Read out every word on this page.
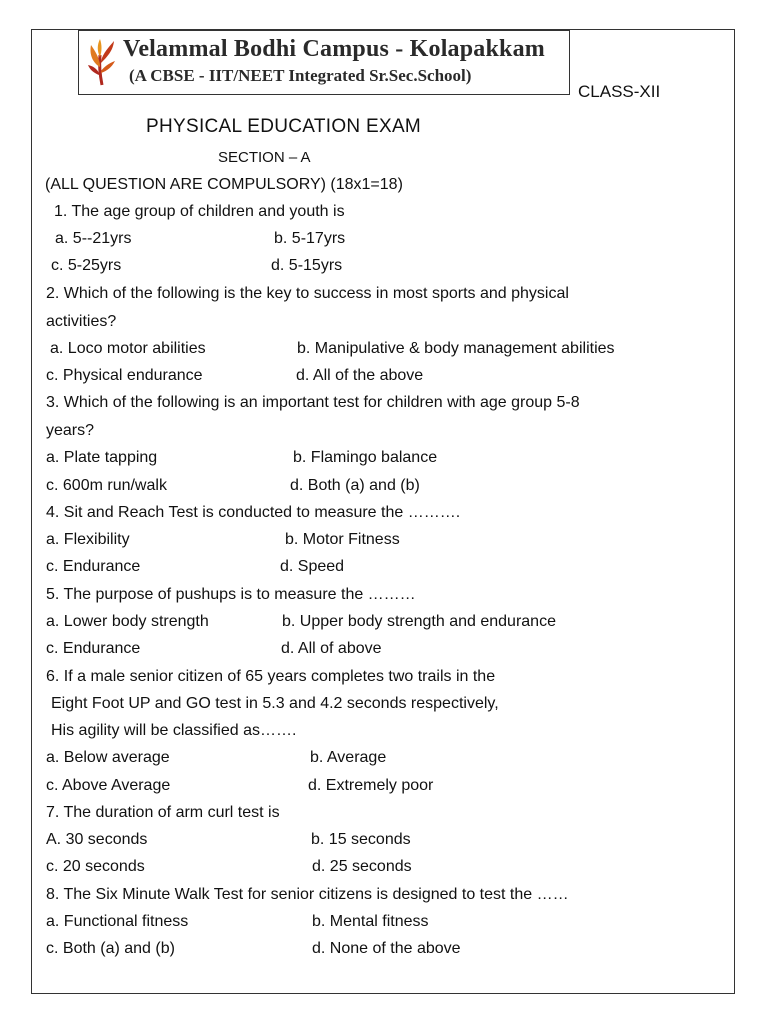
Velammal Bodhi Campus - Kolapakkam
(A CBSE - IIT/NEET Integrated Sr.Sec.School)
CLASS-XII
PHYSICAL EDUCATION EXAM
SECTION – A
(ALL QUESTION ARE COMPULSORY) (18x1=18)
1. The age group of children and youth is
a. 5--21yrs	b. 5-17yrs
c. 5-25yrs	d. 5-15yrs
2. Which of the following is the key to success in most sports and physical
activities?
a. Loco motor abilities	b. Manipulative & body management abilities
c. Physical endurance	d. All of the above
3. Which of the following is an important test for children with age group 5-8
years?
a. Plate tapping	b. Flamingo balance
c. 600m run/walk	d. Both (a) and (b)
4. Sit and Reach Test is conducted to measure the ……….
a. Flexibility	b. Motor Fitness
c. Endurance	d. Speed
5. The purpose of pushups is to measure the ………
a. Lower body strength	b. Upper body strength and endurance
c. Endurance	d. All of above
6. If a male senior citizen of 65 years completes two trails in the
Eight Foot UP and GO test in 5.3 and 4.2 seconds respectively,
His agility will be classified as…….
a. Below average	b. Average
c. Above Average	d. Extremely poor
7. The duration of arm curl test is
A. 30 seconds	b. 15 seconds
c. 20 seconds	d. 25 seconds
8. The Six Minute Walk Test for senior citizens is designed to test the ……
a. Functional fitness	b. Mental fitness
c. Both (a) and (b)	d. None of the above
